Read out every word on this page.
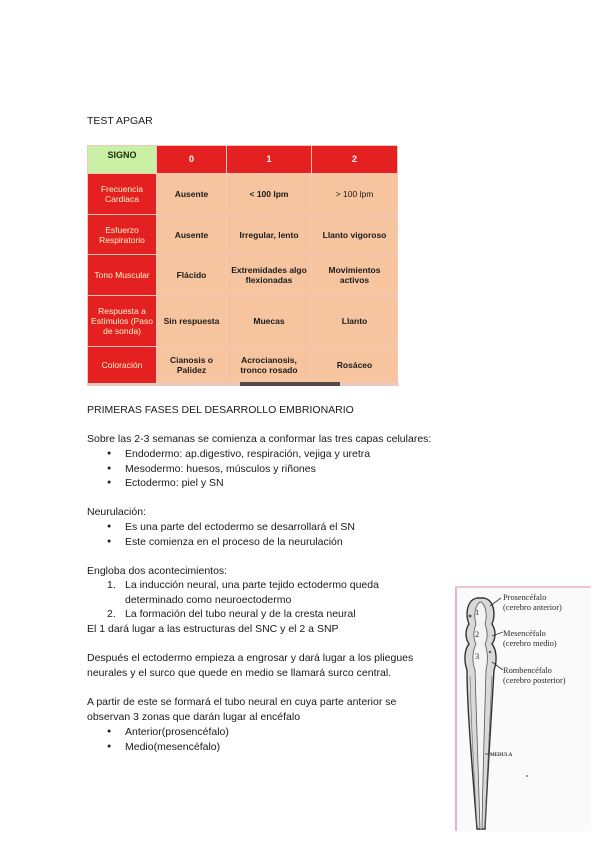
TEST APGAR
SIGNO	0	1	2
Frecuencia Cardiaca	Ausente	< 100 lpm	> 100 lpm
Esfuerzo Respiratorio	Ausente	Irregular, lento	Llanto vigoroso
Tono Muscular	Flácido	Extremidades algo flexionadas	Movimientos activos
Respuesta a Estímulos (Paso de sonda)	Sin respuesta	Muecas	Llanto
Coloración	Cianosis o Palidez	Acrocianosis, tronco rosado	Rosáceo
PRIMERAS FASES DEL DESARROLLO EMBRIONARIO
Sobre las 2-3 semanas se comienza a conformar las tres capas celulares:
● Endodermo: ap.digestivo, respiración, vejiga y uretra
● Mesodermo: huesos, músculos y riñones
● Ectodermo: piel y SN
Neurulación:
● Es una parte del ectodermo se desarrollará el SN
● Este comienza en el proceso de la neurulación
Engloba dos acontecimientos:
1. La inducción neural, una parte tejido ectodermo queda
determinado como neuroectodermo
2. La formación del tubo neural y de la cresta neural
El 1 dará lugar a las estructuras del SNC y el 2 a SNP
Después el ectodermo empieza a engrosar y dará lugar a los pliegues
neurales y el surco que quede en medio se llamará surco central.
A partir de este se formará el tubo neural en cuya parte anterior se
observan 3 zonas que darán lugar al encéfalo
● Anterior(prosencéfalo)
● Medio(mesencéfalo)
1
2
3
Prosencéfalo
(cerebro anterior)
Mesencéfalo
(cerebro medio)
Rombencéfalo
(cerebro posterior)
MEDULA
